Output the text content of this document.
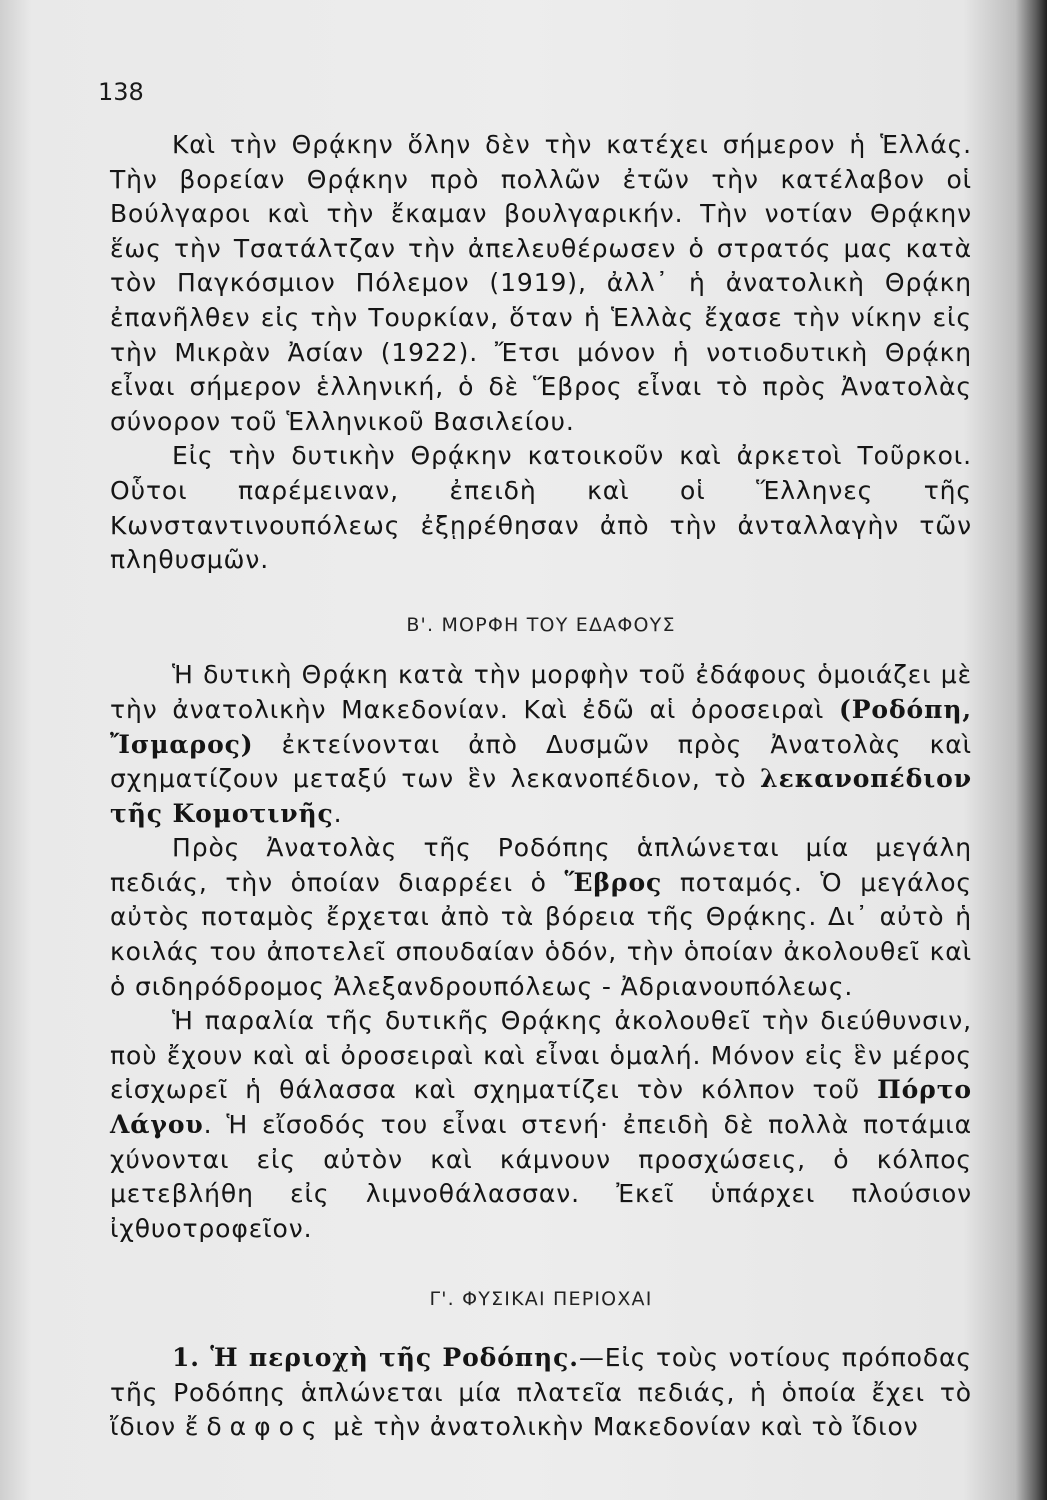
138

Καὶ τὴν Θρᾴκην ὅλην δὲν τὴν κατέχει σήμερον ἡ Ἑλλάς. Τὴν βορείαν Θρᾴκην πρὸ πολλῶν ἐτῶν τὴν κατέλαβον οἱ Βούλγαροι καὶ τὴν ἔκαμαν βουλγαρικήν. Τὴν νοτίαν Θρᾴκην ἕως τὴν Τσατάλτζαν τὴν ἀπελευθέρωσεν ὁ στρατός μας κατὰ τὸν Παγκόσμιον Πόλεμον (1919), ἀλλ᾽ ἡ ἀνατολικὴ Θρᾴκη ἐπανῆλθεν εἰς τὴν Τουρκίαν, ὅταν ἡ Ἑλλὰς ἔχασε τὴν νίκην εἰς τὴν Μικρὰν Ἀσίαν (1922). Ἔτσι μόνον ἡ νοτιοδυτικὴ Θρᾴκη εἶναι σήμερον ἑλληνική, ὁ δὲ Ἕβρος εἶναι τὸ πρὸς Ἀνατολὰς σύνορον τοῦ Ἑλληνικοῦ Βασιλείου.

Εἰς τὴν δυτικὴν Θρᾴκην κατοικοῦν καὶ ἀρκετοὶ Τοῦρκοι. Οὗτοι παρέμειναν, ἐπειδὴ καὶ οἱ Ἕλληνες τῆς Κωνσταντινουπόλεως ἐξῃρέθησαν ἀπὸ τὴν ἀνταλλαγὴν τῶν πληθυσμῶν.

Β'. ΜΟΡΦΗ ΤΟΥ ΕΔΑΦΟΥΣ

Ἡ δυτικὴ Θρᾴκη κατὰ τὴν μορφὴν τοῦ ἐδάφους ὁμοιάζει μὲ τὴν ἀνατολικὴν Μακεδονίαν. Καὶ ἐδῶ αἱ ὀροσειραὶ (Ροδόπη, Ἴσμαρος) ἐκτείνονται ἀπὸ Δυσμῶν πρὸς Ἀνατολὰς καὶ σχηματίζουν μεταξύ των ἓν λεκανοπέδιον, τὸ λεκανοπέδιον τῆς Κομοτινῆς.

Πρὸς Ἀνατολὰς τῆς Ροδόπης ἁπλώνεται μία μεγάλη πεδιάς, τὴν ὁποίαν διαρρέει ὁ Ἕβρος ποταμός. Ὁ μεγάλος αὐτὸς ποταμὸς ἔρχεται ἀπὸ τὰ βόρεια τῆς Θρᾴκης. Δι᾽ αὐτὸ ἡ κοιλάς του ἀποτελεῖ σπουδαίαν ὁδόν, τὴν ὁποίαν ἀκολουθεῖ καὶ ὁ σιδηρόδρομος Ἀλεξανδρουπόλεως - Ἀδριανουπόλεως.

Ἡ παραλία τῆς δυτικῆς Θρᾴκης ἀκολουθεῖ τὴν διεύθυνσιν, ποὺ ἔχουν καὶ αἱ ὀροσειραὶ καὶ εἶναι ὁμαλή. Μόνον εἰς ἓν μέρος εἰσχωρεῖ ἡ θάλασσα καὶ σχηματίζει τὸν κόλπον τοῦ Πόρτο Λάγου. Ἡ εἴσοδός του εἶναι στενή· ἐπειδὴ δὲ πολλὰ ποτάμια χύνονται εἰς αὐτὸν καὶ κάμνουν προσχώσεις, ὁ κόλπος μετεβλήθη εἰς λιμνοθάλασσαν. Ἐκεῖ ὑπάρχει πλούσιον ἰχθυοτροφεῖον.

Γ'. ΦΥΣΙΚΑΙ ΠΕΡΙΟΧΑΙ

1. Ἡ περιοχὴ τῆς Ροδόπης.—Εἰς τοὺς νοτίους πρόποδας τῆς Ροδόπης ἁπλώνεται μία πλατεῖα πεδιάς, ἡ ὁποία ἔχει τὸ ἴδιον ἔδαφος μὲ τὴν ἀνατολικὴν Μακεδονίαν καὶ τὸ ἴδιον
